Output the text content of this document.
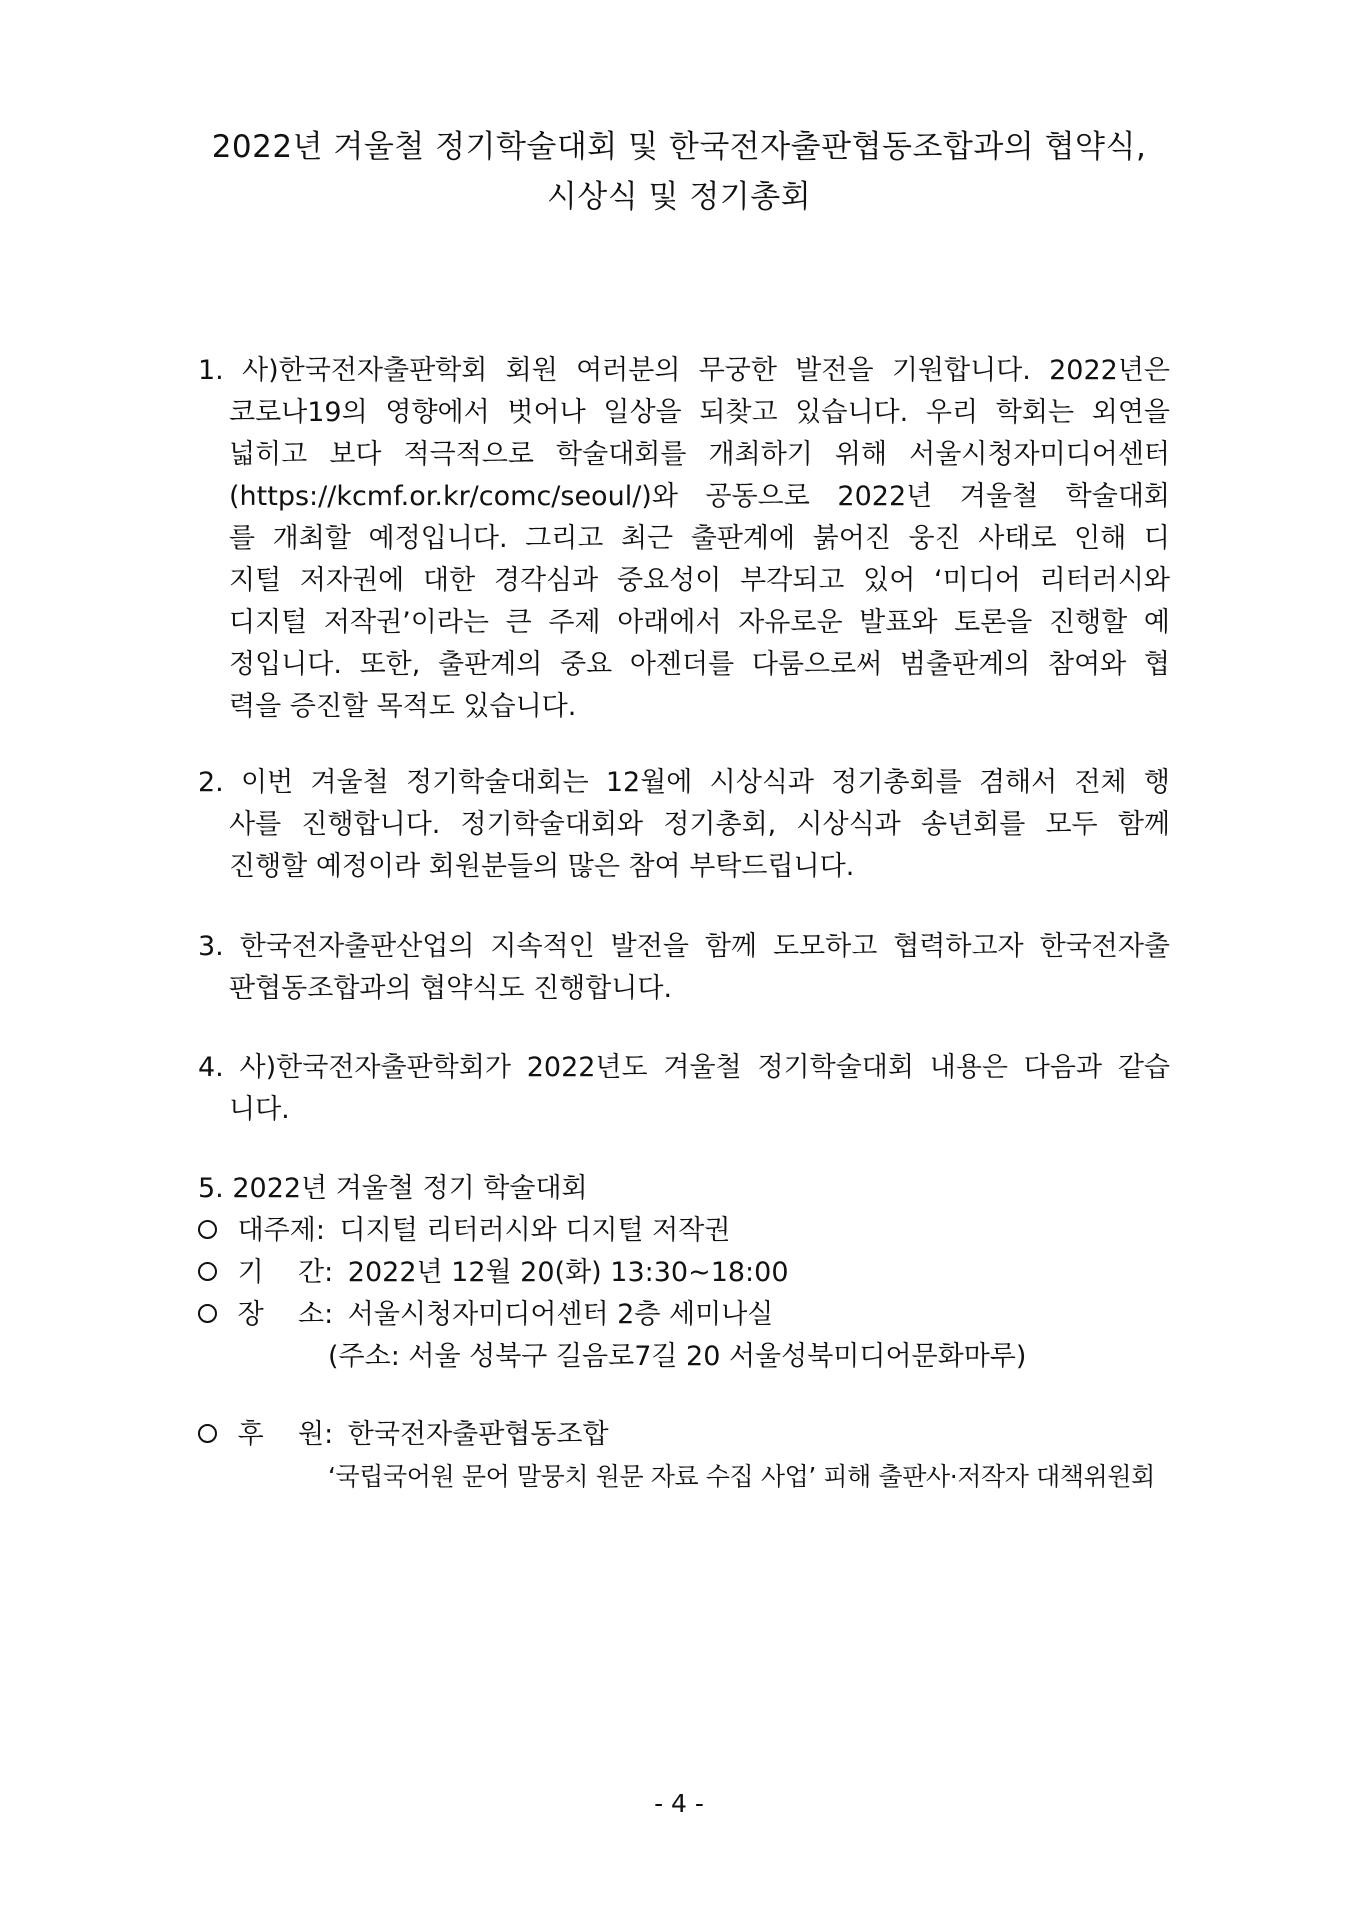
2022년 겨울철 정기학술대회 및 한국전자출판협동조합과의 협약식,
시상식 및 정기총회
1. 사)한국전자출판학회 회원 여러분의 무궁한 발전을 기원합니다. 2022년은
코로나19의 영향에서 벗어나 일상을 되찾고 있습니다. 우리 학회는 외연을
넓히고 보다 적극적으로 학술대회를 개최하기 위해 서울시청자미디어센터
(https://kcmf.or.kr/comc/seoul/)와 공동으로 2022년 겨울철 학술대회
를 개최할 예정입니다. 그리고 최근 출판계에 붉어진 웅진 사태로 인해 디
지털 저자권에 대한 경각심과 중요성이 부각되고 있어 ‘미디어 리터러시와
디지털 저작권’이라는 큰 주제 아래에서 자유로운 발표와 토론을 진행할 예
정입니다. 또한, 출판계의 중요 아젠더를 다룸으로써 범출판계의 참여와 협
력을 증진할 목적도 있습니다.
2. 이번 겨울철 정기학술대회는 12월에 시상식과 정기총회를 겸해서 전체 행
사를 진행합니다. 정기학술대회와 정기총회, 시상식과 송년회를 모두 함께
진행할 예정이라 회원분들의 많은 참여 부탁드립니다.
3. 한국전자출판산업의 지속적인 발전을 함께 도모하고 협력하고자 한국전자출
판협동조합과의 협약식도 진행합니다.
4. 사)한국전자출판학회가 2022년도 겨울철 정기학술대회 내용은 다음과 같습
니다.
5. 2022년 겨울철 정기 학술대회
대주제: 디지털 리터러시와 디지털 저작권
기    간: 2022년 12월 20(화) 13:30~18:00
장    소: 서울시청자미디어센터 2층 세미나실
(주소: 서울 성북구 길음로7길 20 서울성북미디어문화마루)
후    원: 한국전자출판협동조합
‘국립국어원 문어 말뭉치 원문 자료 수집 사업’ 피해 출판사·저작자 대책위원회
- 4 -
